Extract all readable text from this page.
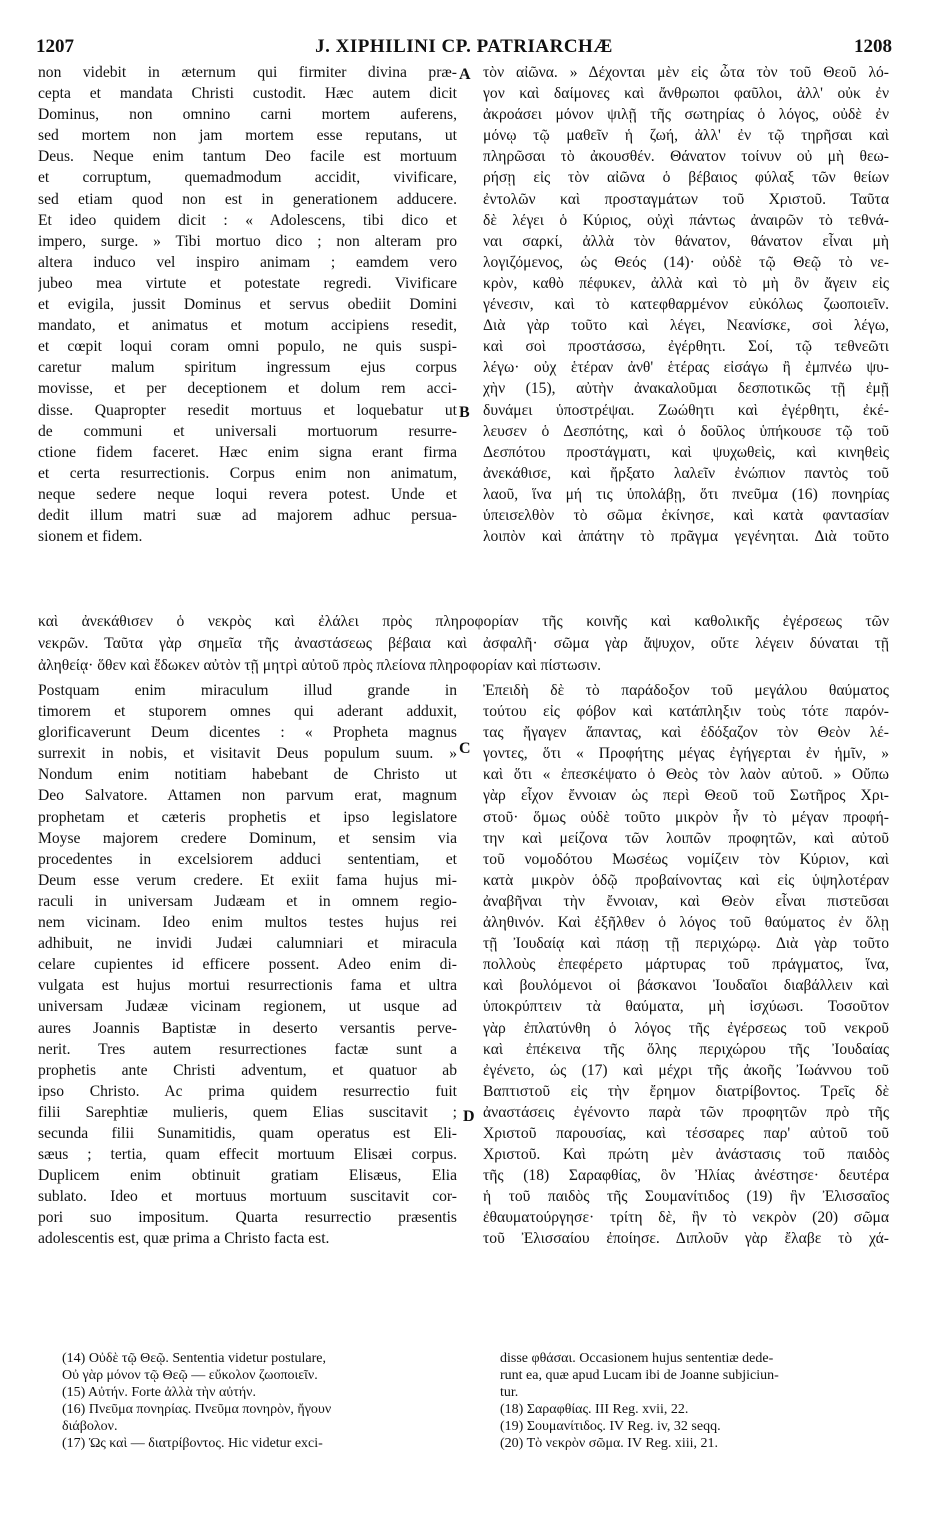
1207	J. XIPHILINI CP. PATRIARCHÆ	1208
non videbit in æternum qui firmiter divina præ-
cepta et mandata Christi custodit. Hæc autem dicit
Dominus, non omnino carni mortem auferens,
sed mortem non jam mortem esse reputans, ut
Deus. Neque enim tantum Deo facile est mortuum
et corruptum, quemadmodum accidit, vivificare,
sed etiam quod non est in generationem adducere.
Et ideo quidem dicit : « Adolescens, tibi dico et
impero, surge. » Tibi mortuo dico ; non alteram pro
altera induco vel inspiro animam ; eamdem vero
jubeo mea virtute et potestate regredi. Vivificare
et evigila, jussit Dominus et servus obediit Domini
mandato, et animatus et motum accipiens resedit,
et cœpit loqui coram omni populo, ne quis suspi-
caretur malum spiritum ingressum ejus corpus
movisse, et per deceptionem et dolum rem acci-
disse. Quapropter resedit mortuus et loquebatur ut
de communi et universali mortuorum resurre-
ctione fidem faceret. Hæc enim signa erant firma
et certa resurrectionis. Corpus enim non animatum,
neque sedere neque loqui revera potest. Unde et
dedit illum matri suæ ad majorem adhuc persua-
sionem et fidem.
τὸν αἰῶνα. » Δέχονται μὲν εἰς ὦτα τὸν τοῦ Θεοῦ λό-
γον καὶ δαίμονες καὶ ἄνθρωποι φαῦλοι, ἀλλ' οὐκ ἐν
ἀκροάσει μόνον ψιλῇ τῆς σωτηρίας ὁ λόγος, οὐδὲ ἐν
μόνῳ τῷ μαθεῖν ἡ ζωή, ἀλλ' ἐν τῷ τηρῆσαι καὶ
πληρῶσαι τὸ ἀκουσθέν. Θάνατον τοίνυν οὐ μὴ θεω-
ρήσῃ εἰς τὸν αἰῶνα ὁ βέβαιος φύλαξ τῶν θείων
ἐντολῶν καὶ προσταγμάτων τοῦ Χριστοῦ. Ταῦτα
δὲ λέγει ὁ Κύριος, οὐχὶ πάντως ἀναιρῶν τὸ τεθνά-
ναι σαρκί, ἀλλὰ τὸν θάνατον, θάνατον εἶναι μὴ
λογιζόμενος, ὡς Θεός (14)· οὐδὲ τῷ Θεῷ τὸ νε-
κρὸν, καθὸ πέφυκεν, ἀλλὰ καὶ τὸ μὴ ὂν ἄγειν εἰς
γένεσιν, καὶ τὸ κατεφθαρμένον εὐκόλως ζωοποιεῖν.
Διὰ γὰρ τοῦτο καὶ λέγει, Νεανίσκε, σοὶ λέγω,
καὶ σοὶ προστάσσω, ἐγέρθητι. Σοί, τῷ τεθνεῶτι
λέγω· οὐχ ἑτέραν ἀνθ' ἑτέρας εἰσάγω ἢ ἐμπνέω ψυ-
χὴν (15), αὐτὴν ἀνακαλοῦμαι δεσποτικῶς τῇ ἐμῇ
δυνάμει ὑποστρέψαι. Ζωώθητι καὶ ἐγέρθητι, ἐκέ-
λευσεν ὁ Δεσπότης, καὶ ὁ δοῦλος ὑπήκουσε τῷ τοῦ
Δεσπότου προστάγματι, καὶ ψυχωθεὶς, καὶ κινηθεὶς
ἀνεκάθισε, καὶ ἤρξατο λαλεῖν ἐνώπιον παντὸς τοῦ
λαοῦ, ἵνα μή τις ὑπολάβῃ, ὅτι πνεῦμα (16) πονηρίας
ὑπεισελθὸν τὸ σῶμα ἐκίνησε, καὶ κατὰ φαντασίαν
λοιπὸν καὶ ἀπάτην τὸ πρᾶγμα γεγένηται. Διὰ τοῦτο
A
B
C
D
καὶ ἀνεκάθισεν ὁ νεκρὸς καὶ ἐλάλει πρὸς πληροφορίαν τῆς κοινῆς καὶ καθολικῆς ἐγέρσεως τῶν
νεκρῶν. Ταῦτα γὰρ σημεῖα τῆς ἀναστάσεως βέβαια καὶ ἀσφαλῆ· σῶμα γὰρ ἄψυχον, οὔτε λέγειν δύναται τῇ
ἀληθείᾳ· ὅθεν καὶ ἔδωκεν αὐτὸν τῇ μητρὶ αὐτοῦ πρὸς πλείονα πληροφορίαν καὶ πίστωσιν.
Postquam enim miraculum illud grande in
timorem et stuporem omnes qui aderant adduxit,
glorificaverunt Deum dicentes : « Propheta magnus
surrexit in nobis, et visitavit Deus populum suum. »
Nondum enim notitiam habebant de Christo ut
Deo Salvatore. Attamen non parvum erat, magnum
prophetam et cæteris prophetis et ipso legislatore
Moyse majorem credere Dominum, et sensim via
procedentes in excelsiorem adduci sententiam, et
Deum esse verum credere. Et exiit fama hujus mi-
raculi in universam Judæam et in omnem regio-
nem vicinam. Ideo enim multos testes hujus rei
adhibuit, ne invidi Judæi calumniari et miracula
celare cupientes id efficere possent. Adeo enim di-
vulgata est hujus mortui resurrectionis fama et ultra
universam Judææ vicinam regionem, ut usque ad
aures Joannis Baptistæ in deserto versantis perve-
nerit. Tres autem resurrectiones factæ sunt a
prophetis ante Christi adventum, et quatuor ab
ipso Christo. Ac prima quidem resurrectio fuit
filii Sarephtiæ mulieris, quem Elias suscitavit ;
secunda filii Sunamitidis, quam operatus est Eli-
sæus ; tertia, quam effecit mortuum Elisæi corpus.
Duplicem enim obtinuit gratiam Elisæus, Elia
sublato. Ideo et mortuus mortuum suscitavit cor-
pori suo impositum. Quarta resurrectio præsentis
adolescentis est, quæ prima a Christo facta est.
Ἐπειδὴ δὲ τὸ παράδοξον τοῦ μεγάλου θαύματος
τούτου εἰς φόβον καὶ κατάπληξιν τοὺς τότε παρόν-
τας ἤγαγεν ἅπαντας, καὶ ἐδόξαζον τὸν Θεὸν λέ-
γοντες, ὅτι « Προφήτης μέγας ἐγήγερται ἐν ἡμῖν, »
καὶ ὅτι « ἐπεσκέψατο ὁ Θεὸς τὸν λαὸν αὐτοῦ. » Οὔπω
γὰρ εἶχον ἔννοιαν ὡς περὶ Θεοῦ τοῦ Σωτῆρος Χρι-
στοῦ· ὅμως οὐδὲ τοῦτο μικρὸν ἦν τὸ μέγαν προφή-
την καὶ μείζονα τῶν λοιπῶν προφητῶν, καὶ αὐτοῦ
τοῦ νομοδότου Μωσέως νομίζειν τὸν Κύριον, καὶ
κατὰ μικρὸν ὁδῷ προβαίνοντας καὶ εἰς ὑψηλοτέραν
ἀναβῆναι τὴν ἔννοιαν, καὶ Θεὸν εἶναι πιστεῦσαι
ἀληθινόν. Καὶ ἐξῆλθεν ὁ λόγος τοῦ θαύματος ἐν ὅλῃ
τῇ Ἰουδαίᾳ καὶ πάσῃ τῇ περιχώρῳ. Διὰ γὰρ τοῦτο
πολλοὺς ἐπεφέρετο μάρτυρας τοῦ πράγματος, ἵνα,
καὶ βουλόμενοι οἱ βάσκανοι Ἰουδαῖοι διαβάλλειν καὶ
ὑποκρύπτειν τὰ θαύματα, μὴ ἰσχύωσι. Τοσοῦτον
γὰρ ἐπλατύνθη ὁ λόγος τῆς ἐγέρσεως τοῦ νεκροῦ
καὶ ἐπέκεινα τῆς ὅλης περιχώρου τῆς Ἰουδαίας
ἐγένετο, ὡς (17) καὶ μέχρι τῆς ἀκοῆς Ἰωάννου τοῦ
Βαπτιστοῦ εἰς τὴν ἔρημον διατρίβοντος. Τρεῖς δὲ
ἀναστάσεις ἐγένοντο παρὰ τῶν προφητῶν πρὸ τῆς
Χριστοῦ παρουσίας, καὶ τέσσαρες παρ' αὐτοῦ τοῦ
Χριστοῦ. Καὶ πρώτη μὲν ἀνάστασις τοῦ παιδὸς
τῆς (18) Σαραφθίας, ὃν Ἠλίας ἀνέστησε· δευτέρα
ἡ τοῦ παιδὸς τῆς Σουμανίτιδος (19) ἣν Ἐλισσαῖος
ἐθαυματούργησε· τρίτη δὲ, ἣν τὸ νεκρὸν (20) σῶμα
τοῦ Ἐλισσαίου ἐποίησε. Διπλοῦν γὰρ ἔλαβε τὸ χά-
(14) Οὐδὲ τῷ Θεῷ. Sententia videtur postulare,
Οὐ γὰρ μόνον τῷ Θεῷ — εὔκολον ζωοποιεῖν.
(15) Αὐτήν. Forte ἀλλὰ τὴν αὐτήν.
(16) Πνεῦμα πονηρίας. Πνεῦμα πονηρὸν, ἤγουν
διάβολον.
(17) Ὡς καὶ — διατρίβοντος. Hic videtur exci-
disse φθάσαι. Occasionem hujus sententiæ dede-
runt ea, quæ apud Lucam ibi de Joanne subjiciun-
tur.
(18) Σαραφθίας. III Reg. xvii, 22.
(19) Σουμανίτιδος. IV Reg. iv, 32 seqq.
(20) Τὸ νεκρὸν σῶμα. IV Reg. xiii, 21.
